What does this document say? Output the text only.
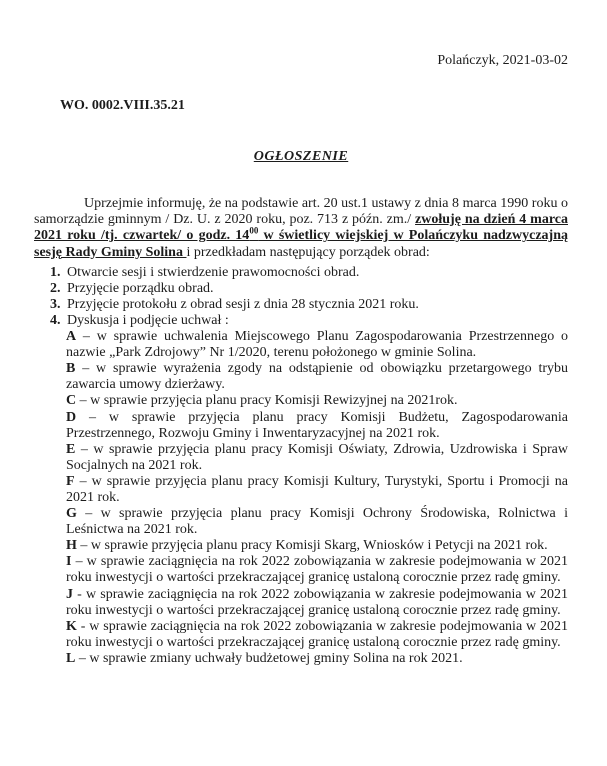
Polańczyk, 2021-03-02
WO. 0002.VIII.35.21
OGŁOSZENIE

Uprzejmie informuję, że na podstawie art. 20 ust.1 ustawy z dnia 8 marca 1990 roku o samorządzie gminnym / Dz. U. z 2020 roku, poz. 713 z późn. zm./ zwołuję na dzień 4 marca 2021 roku /tj. czwartek/ o godz. $14^{00}$ w świetlicy wiejskiej w Polańczyku nadzwyczajną sesję Rady Gminy Solina i przedkładam następujący porządek obrad:

1. Otwarcie sesji i stwierdzenie prawomocności obrad.
2. Przyjęcie porządku obrad.
3. Przyjęcie protokołu z obrad sesji z dnia 28 stycznia 2021 roku.
4. Dyskusja i podjęcie uchwał :
A – w sprawie uchwalenia Miejscowego Planu Zagospodarowania Przestrzennego o nazwie „Park Zdrojowy” Nr 1/2020, terenu położonego w gminie Solina.
B – w sprawie wyrażenia zgody na odstąpienie od obowiązku przetargowego trybu zawarcia umowy dzierżawy.
C – w sprawie przyjęcia planu pracy Komisji Rewizyjnej na 2021rok.
D – w sprawie przyjęcia planu pracy Komisji Budżetu, Zagospodarowania Przestrzennego, Rozwoju Gminy i Inwentaryzacyjnej na 2021 rok.
E – w sprawie przyjęcia planu pracy Komisji Oświaty, Zdrowia, Uzdrowiska i Spraw Socjalnych na 2021 rok.
F – w sprawie przyjęcia planu pracy Komisji Kultury, Turystyki, Sportu i Promocji na 2021 rok.
G – w sprawie przyjęcia planu pracy Komisji Ochrony Środowiska, Rolnictwa i Leśnictwa na 2021 rok.
H – w sprawie przyjęcia planu pracy Komisji Skarg, Wniosków i Petycji na 2021 rok.
I – w sprawie zaciągnięcia na rok 2022 zobowiązania w zakresie podejmowania w 2021 roku inwestycji o wartości przekraczającej granicę ustaloną corocznie przez radę gminy.
J - w sprawie zaciągnięcia na rok 2022 zobowiązania w zakresie podejmowania w 2021 roku inwestycji o wartości przekraczającej granicę ustaloną corocznie przez radę gminy.
K - w sprawie zaciągnięcia na rok 2022 zobowiązania w zakresie podejmowania w 2021 roku inwestycji o wartości przekraczającej granicę ustaloną corocznie przez radę gminy.
L – w sprawie zmiany uchwały budżetowej gminy Solina na rok 2021.
